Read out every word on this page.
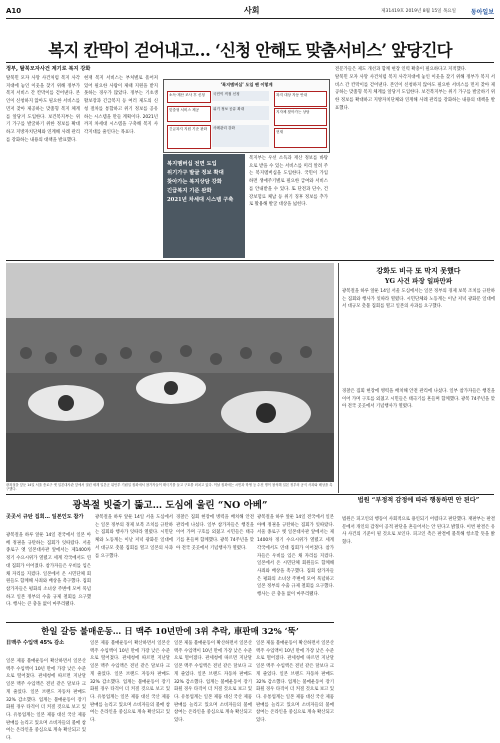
A10	사회	제31419호 2019년 8월 15일 목요일 동아일보
복지 칸막이 걷어내고… ‘신청 안해도 맞춤서비스’ 앞당긴다
정부, 탈북모자사건 계기로 복지 강화
탈북민 모자 사망 사건처럼 복지 사각지대에 놓인 이웃을 찾기 위해 정부가 복지 서비스 간 칸막이를 걷어낸다. 본인이 신청하지 않아도 필요한 서비스를 먼저 찾아 제공하는 맞춤형 복지 체계를 앞당겨 도입한다. 보건복지부는 위기 가구를 발굴하기 위한 정보를 확대하고 지방자치단체와 연계해 사례 관리를 강화하는 내용의 대책을 발표했다.
현재 복지 서비스는 부처별로 흩어져 있어 필요한 사람이 제때 지원을 받지 못하는 경우가 많았다. 정부는 기초생활보장과 긴급복지 등 여러 제도의 신청 절차를 통합하고 위기 정보를 공유하는 시스템을 만들 계획이다. 2021년까지 차세대 시스템을 구축해 복지 사각지대를 줄인다는 목표다.
‘복지멤버십’ 도입 땐 이렇게
소득·재산 조사 후 신청	국민이 직접 신청	복지 대상 자동 안내
맞춤형 서비스 제공	위기 정보 공유 확대
지자체 찾아가는 상담
긴급복지 지원 기준 완화	사례관리 강화
현재
복지멤버십 전면 도입
위기가구 발굴 정보 확대
찾아가는 복지상담 강화
긴급복지 기준 완화
2021년 차세대 시스템 구축
복지부는 우선 소득과 재산 정보를 바탕으로 받을 수 있는 서비스를 미리 알려 주는 복지멤버십을 도입한다. 국민이 가입하면 생애주기별로 필요한 급여와 서비스를 안내받을 수 있다. 또 단전과 단수, 건강보험료 체납 등 위기 징후 정보를 추가로 활용해 발굴 대상을 넓힌다.
전문가들은 제도 개선과 함께 현장 인력 확충이 필요하다고 지적했다.
탈북민 모자 사망 사건처럼 복지 사각지대에 놓인 이웃을 찾기 위해 정부가 복지 서비스 간 칸막이를 걷어낸다. 본인이 신청하지 않아도 필요한 서비스를 먼저 찾아 제공하는 맞춤형 복지 체계를 앞당겨 도입한다. 보건복지부는 위기 가구를 발굴하기 위한 정보를 확대하고 지방자치단체와 연계해 사례 관리를 강화하는 내용의 대책을 발표했다.
광복절을 앞둔 14일 서울 종로구 옛 일본대사관 앞에서 열린 세계 일본군 위안부 기림일 집회에서 참가자들이 태극기를 들고 구호를 외치고 있다. 이날 집회에는 시민과 학생 등 수천 명이 참석해 일본 정부의 공식 사과와 배상을 촉구했다.
강화도 비극 또 막지 못했다
YG 사건 파장 일파만파
광복절을 하루 앞둔 14일 서울 도심에서는 일본 정부의 경제 보복 조치를 규탄하는 집회와 행사가 잇따라 열렸다. 시민단체와 노동계는 이날 저녁 광화문 일대에서 대규모 촛불 집회를 열고 일본의 사과를 요구했다.
경찰은 집회 현장에 병력을 배치해 안전 관리에 나섰다. 일부 참가자들은 행진을 이어 가며 구호를 외쳤고 시민들은 태극기를 흔들며 함께했다. 광복 74주년을 맞아 전국 곳곳에서 기념행사가 열렸다.
광복절 빗줄기 뚫고… 도심에 울린 “NO 아베”
곳곳서 규탄 집회… 일본인도 참가
광복절을 하루 앞둔 14일 전국에서 일본 아베 정권을 규탄하는 집회가 잇따랐다. 서울 종로구 옛 일본대사관 앞에서는 제1400차 정기 수요시위가 열렸고 세계 각국에서도 연대 집회가 이어졌다. 참가자들은 우비를 입은 채 자리를 지켰다. 일본에서 온 시민단체 회원들도 함께해 사죄와 배상을 촉구했다. 집회 참가자들은 평화의 소녀상 주변에 모여 묵념하고 일본 정부의 수출 규제 철회를 요구했다. 행사는 큰 충돌 없이 마무리됐다.
광복절을 하루 앞둔 14일 서울 도심에서는 일본 정부의 경제 보복 조치를 규탄하는 집회와 행사가 잇따라 열렸다. 시민단체와 노동계는 이날 저녁 광화문 일대에서 대규모 촛불 집회를 열고 일본의 사과를 요구했다.
경찰은 집회 현장에 병력을 배치해 안전 관리에 나섰다. 일부 참가자들은 행진을 이어 가며 구호를 외쳤고 시민들은 태극기를 흔들며 함께했다. 광복 74주년을 맞아 전국 곳곳에서 기념행사가 열렸다.
광복절을 하루 앞둔 14일 전국에서 일본 아베 정권을 규탄하는 집회가 잇따랐다. 서울 종로구 옛 일본대사관 앞에서는 제1400차 정기 수요시위가 열렸고 세계 각국에서도 연대 집회가 이어졌다. 참가자들은 우비를 입은 채 자리를 지켰다. 일본에서 온 시민단체 회원들도 함께해 사죄와 배상을 촉구했다. 집회 참가자들은 평화의 소녀상 주변에 모여 묵념하고 일본 정부의 수출 규제 철회를 요구했다. 행사는 큰 충돌 없이 마무리됐다.
법원 “부정적 감정에 따라 행동하면 안 된다”
법원은 피고인의 행동이 사회적으로 용인되기 어렵다고 판단했다. 재판부는 판결문에서 개인의 감정이 공적 판단을 흔들어서는 안 된다고 밝혔다. 이번 판결은 유사 사건의 기준이 될 것으로 보인다. 피고인 측은 판결에 불복해 항소할 뜻을 밝혔다.
한일 갈등 불매운동… 日 맥주 10년만에 3위 추락, 車판매 32% ‘뚝’
日맥주 수입액 45% 감소
일본 제품 불매운동이 확산하면서 일본산 맥주 수입액이 10년 만에 가장 낮은 수준으로 떨어졌다. 관세청에 따르면 지난달 일본 맥주 수입액은 전년 같은 달보다 크게 줄었다. 일본 브랜드 자동차 판매도 32% 감소했다. 업계는 불매운동이 장기화될 경우 타격이 더 커질 것으로 보고 있다. 유통업계는 일본 제품 대신 국산 제품 판매를 늘리고 있으며 소비자들의 불매 참여는 온라인을 중심으로 계속 확산되고 있다.
일본 제품 불매운동이 확산하면서 일본산 맥주 수입액이 10년 만에 가장 낮은 수준으로 떨어졌다. 관세청에 따르면 지난달 일본 맥주 수입액은 전년 같은 달보다 크게 줄었다. 일본 브랜드 자동차 판매도 32% 감소했다. 업계는 불매운동이 장기화될 경우 타격이 더 커질 것으로 보고 있다. 유통업계는 일본 제품 대신 국산 제품 판매를 늘리고 있으며 소비자들의 불매 참여는 온라인을 중심으로 계속 확산되고 있다.
일본 제품 불매운동이 확산하면서 일본산 맥주 수입액이 10년 만에 가장 낮은 수준으로 떨어졌다. 관세청에 따르면 지난달 일본 맥주 수입액은 전년 같은 달보다 크게 줄었다. 일본 브랜드 자동차 판매도 32% 감소했다. 업계는 불매운동이 장기화될 경우 타격이 더 커질 것으로 보고 있다. 유통업계는 일본 제품 대신 국산 제품 판매를 늘리고 있으며 소비자들의 불매 참여는 온라인을 중심으로 계속 확산되고 있다.
일본 제품 불매운동이 확산하면서 일본산 맥주 수입액이 10년 만에 가장 낮은 수준으로 떨어졌다. 관세청에 따르면 지난달 일본 맥주 수입액은 전년 같은 달보다 크게 줄었다. 일본 브랜드 자동차 판매도 32% 감소했다. 업계는 불매운동이 장기화될 경우 타격이 더 커질 것으로 보고 있다. 유통업계는 일본 제품 대신 국산 제품 판매를 늘리고 있으며 소비자들의 불매 참여는 온라인을 중심으로 계속 확산되고 있다.
